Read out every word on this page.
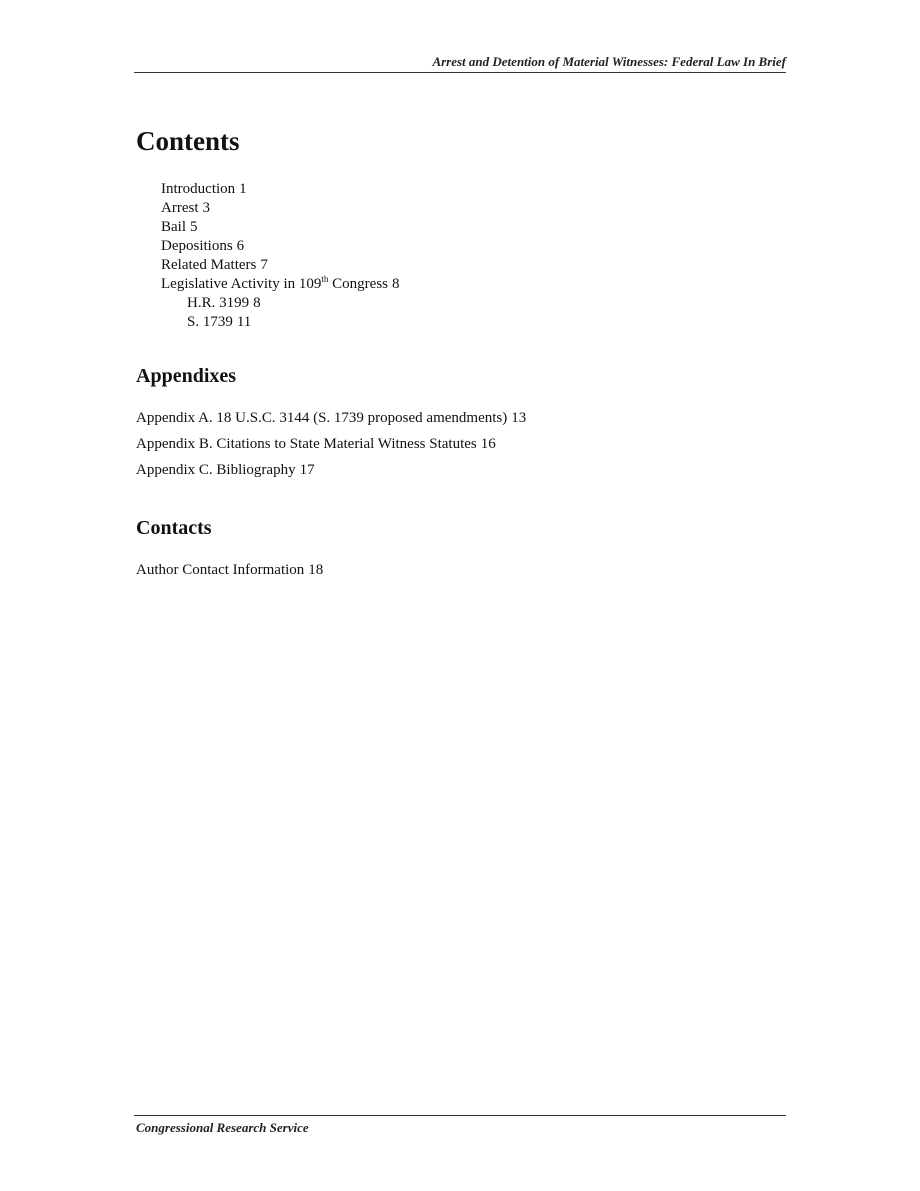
Arrest and Detention of Material Witnesses: Federal Law In Brief
Contents
Introduction 1
Arrest 3
Bail 5
Depositions 6
Related Matters 7
Legislative Activity in 109th Congress 8
H.R. 3199 8
S. 1739 11
Appendixes
Appendix A. 18 U.S.C. 3144 (S. 1739 proposed amendments) 13
Appendix B. Citations to State Material Witness Statutes 16
Appendix C. Bibliography 17
Contacts
Author Contact Information 18
Congressional Research Service
